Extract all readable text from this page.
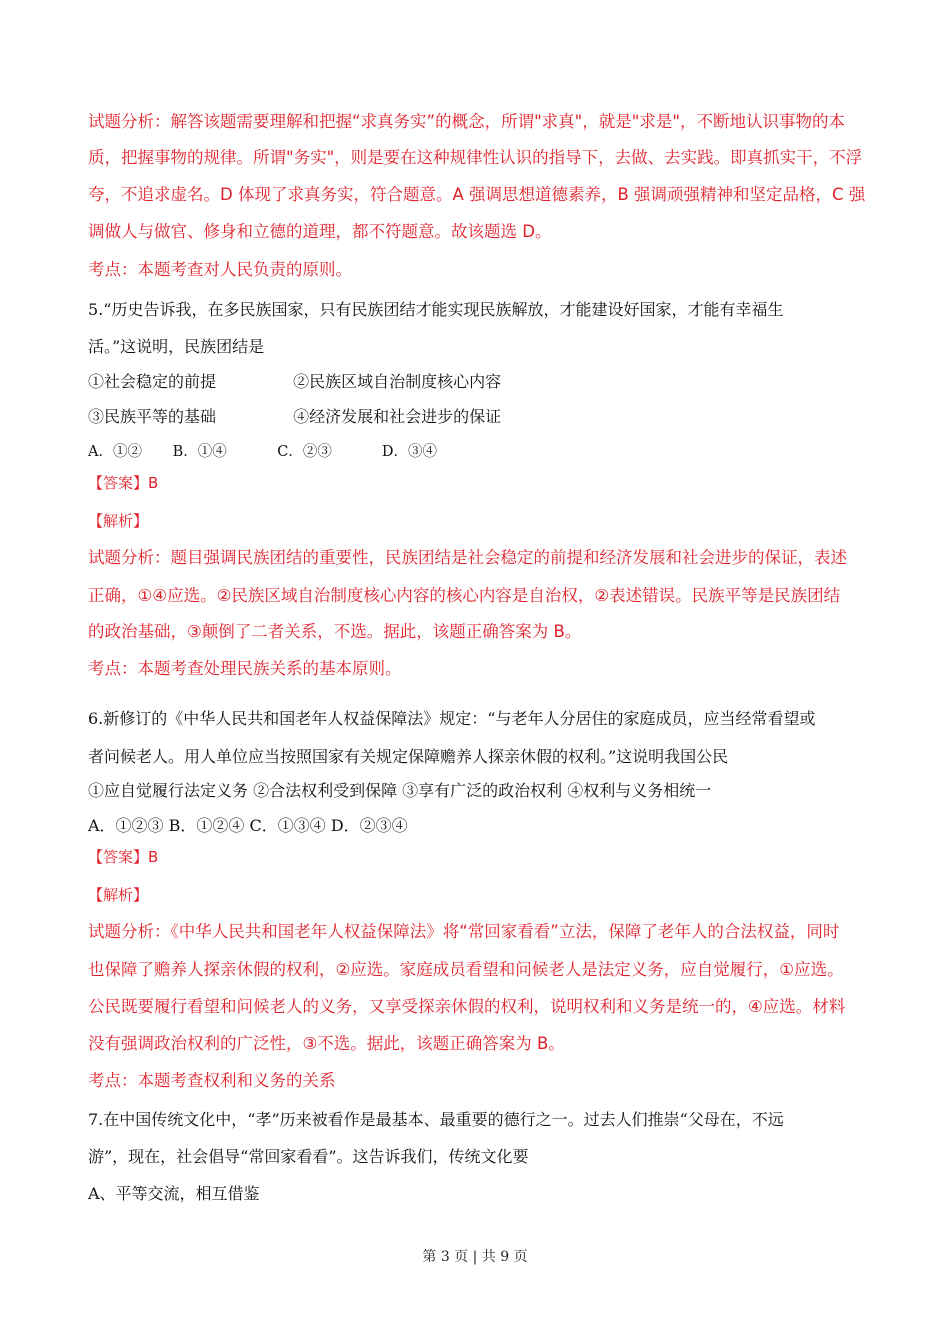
试题分析：解答该题需要理解和把握“求真务实”的概念，所谓"求真"，就是"求是"，不断地认识事物的本
质，把握事物的规律。所谓"务实"，则是要在这种规律性认识的指导下，去做、去实践。即真抓实干，不浮
夸，不追求虚名。D 体现了求真务实，符合题意。A 强调思想道德素养，B 强调顽强精神和坚定品格，C 强
调做人与做官、修身和立德的道理，都不符题意。故该题选 D。
考点：本题考查对人民负责的原则。
5.“历史告诉我，在多民族国家，只有民族团结才能实现民族解放，才能建设好国家，才能有幸福生
活。”这说明，民族团结是
①社会稳定的前提	②民族区域自治制度核心内容
③民族平等的基础	④经济发展和社会进步的保证
A．①② B．①④	C．②③	D．③④
【答案】B
【解析】
试题分析：题目强调民族团结的重要性，民族团结是社会稳定的前提和经济发展和社会进步的保证，表述
正确，①④应选。②民族区域自治制度核心内容的核心内容是自治权，②表述错误。民族平等是民族团结
的政治基础，③颠倒了二者关系，不选。据此，该题正确答案为 B。
考点：本题考查处理民族关系的基本原则。
6.新修订的《中华人民共和国老年人权益保障法》规定：“与老年人分居住的家庭成员，应当经常看望或
者问候老人。用人单位应当按照国家有关规定保障赡养人探亲休假的权利。”这说明我国公民
①应自觉履行法定义务 ②合法权利受到保障 ③享有广泛的政治权利 ④权利与义务相统一
A．①②③ B．①②④ C．①③④ D．②③④
【答案】B
【解析】
试题分析：《中华人民共和国老年人权益保障法》将“常回家看看”立法，保障了老年人的合法权益，同时
也保障了赡养人探亲休假的权利，②应选。家庭成员看望和问候老人是法定义务，应自觉履行，①应选。
公民既要履行看望和问候老人的义务，又享受探亲休假的权利，说明权利和义务是统一的，④应选。材料
没有强调政治权利的广泛性，③不选。据此，该题正确答案为 B。
考点：本题考查权利和义务的关系
7.在中国传统文化中，“孝”历来被看作是最基本、最重要的德行之一。过去人们推崇“父母在，不远
游”，现在，社会倡导“常回家看看”。这告诉我们，传统文化要
A、平等交流，相互借鉴
第 3 页 | 共 9 页
